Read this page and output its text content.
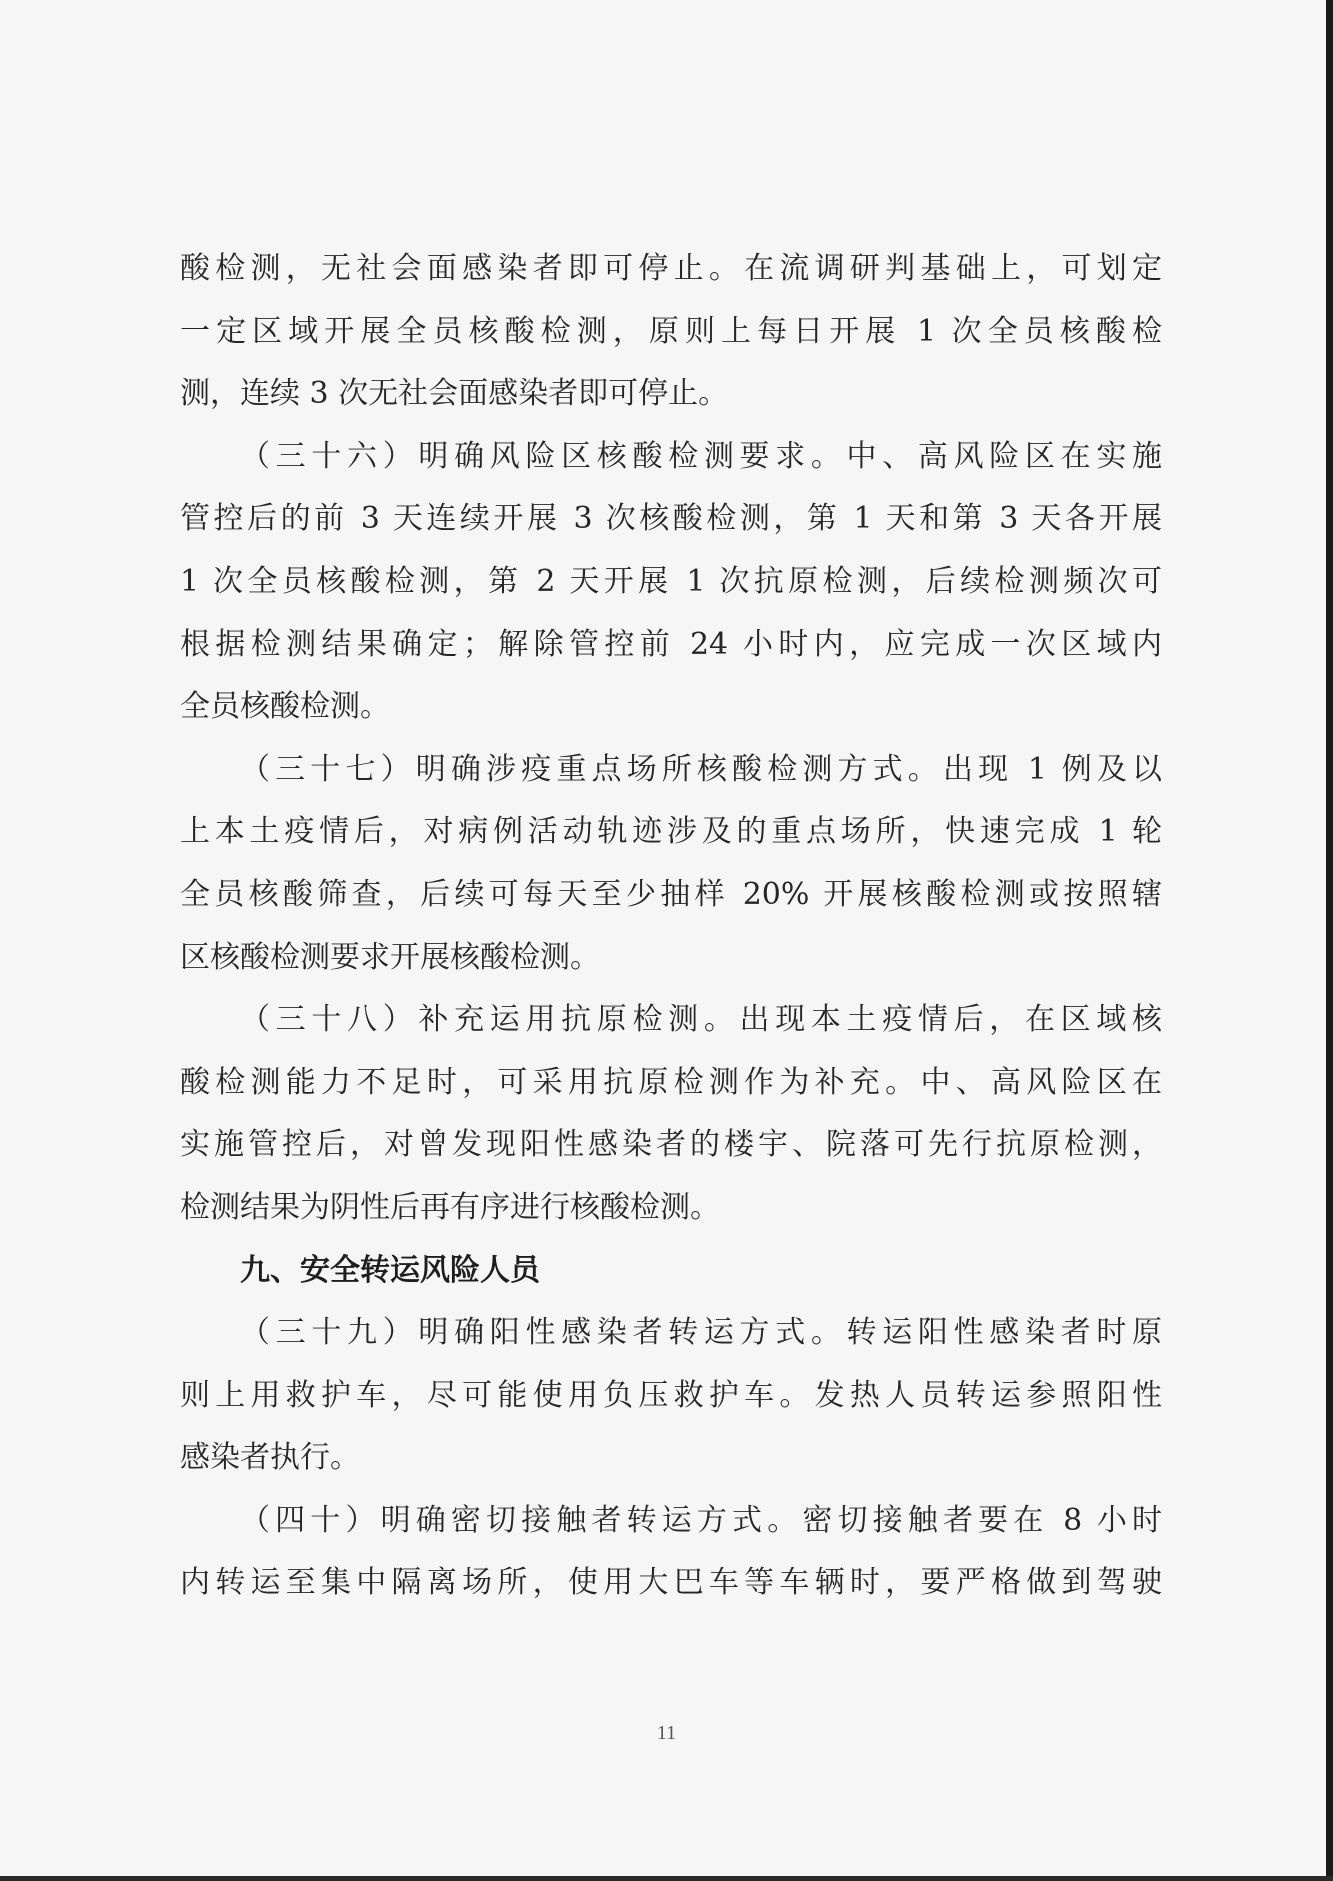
酸检测，无社会面感染者即可停止。在流调研判基础上，可划定
一定区域开展全员核酸检测，原则上每日开展 1 次全员核酸检
测，连续 3 次无社会面感染者即可停止。
（三十六）明确风险区核酸检测要求。中、高风险区在实施
管控后的前 3 天连续开展 3 次核酸检测，第 1 天和第 3 天各开展
1 次全员核酸检测，第 2 天开展 1 次抗原检测，后续检测频次可
根据检测结果确定；解除管控前 24 小时内，应完成一次区域内
全员核酸检测。
（三十七）明确涉疫重点场所核酸检测方式。出现 1 例及以
上本土疫情后，对病例活动轨迹涉及的重点场所，快速完成 1 轮
全员核酸筛查，后续可每天至少抽样 20% 开展核酸检测或按照辖
区核酸检测要求开展核酸检测。
（三十八）补充运用抗原检测。出现本土疫情后，在区域核
酸检测能力不足时，可采用抗原检测作为补充。中、高风险区在
实施管控后，对曾发现阳性感染者的楼宇、院落可先行抗原检测，
检测结果为阴性后再有序进行核酸检测。
九、安全转运风险人员
（三十九）明确阳性感染者转运方式。转运阳性感染者时原
则上用救护车，尽可能使用负压救护车。发热人员转运参照阳性
感染者执行。
（四十）明确密切接触者转运方式。密切接触者要在 8 小时
内转运至集中隔离场所，使用大巴车等车辆时，要严格做到驾驶
11
